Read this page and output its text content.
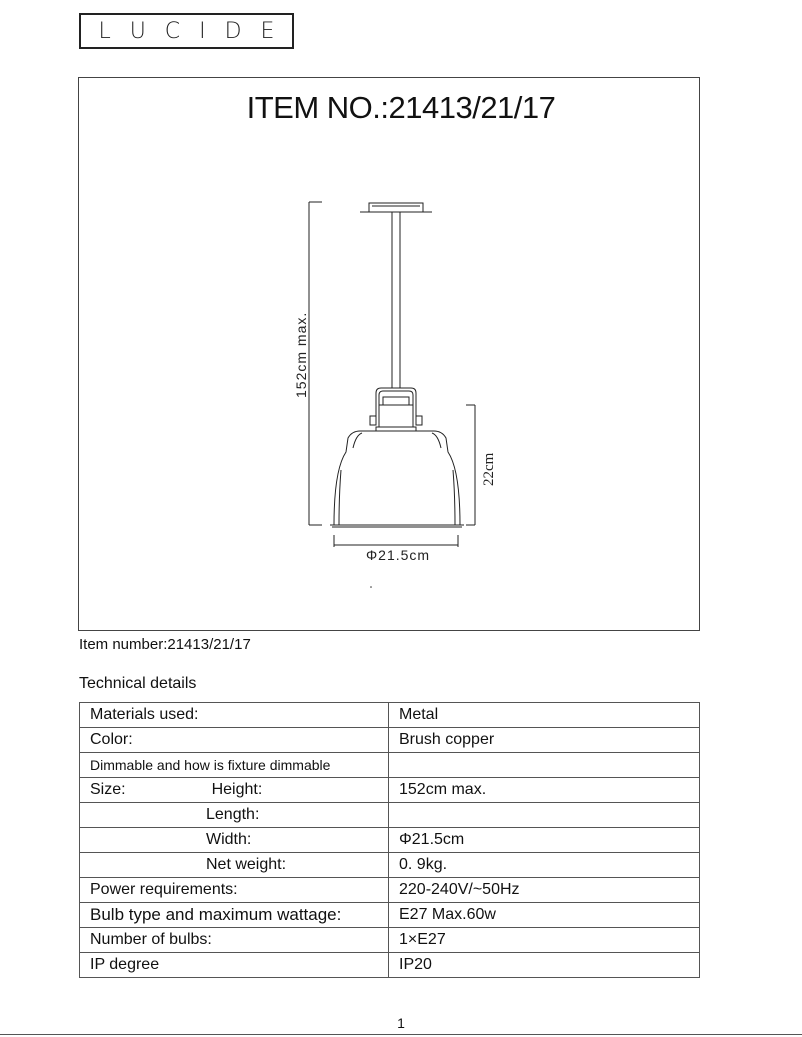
L U C I D E
ITEM NO.:21413/21/17
152cm max.
22cm
Φ21.5cm
Item number:21413/21/17
Technical details
Materials used:	Metal
Color:	Brush copper
Dimmable and how is fixture dimmable	
Size: Height:	152cm max.
Length:	
Width:	Φ21.5cm
Net weight:	0. 9kg.
Power requirements:	220-240V/~50Hz
Bulb type and maximum wattage:	E27 Max.60w
Number of bulbs:	1×E27
IP degree	IP20
1
